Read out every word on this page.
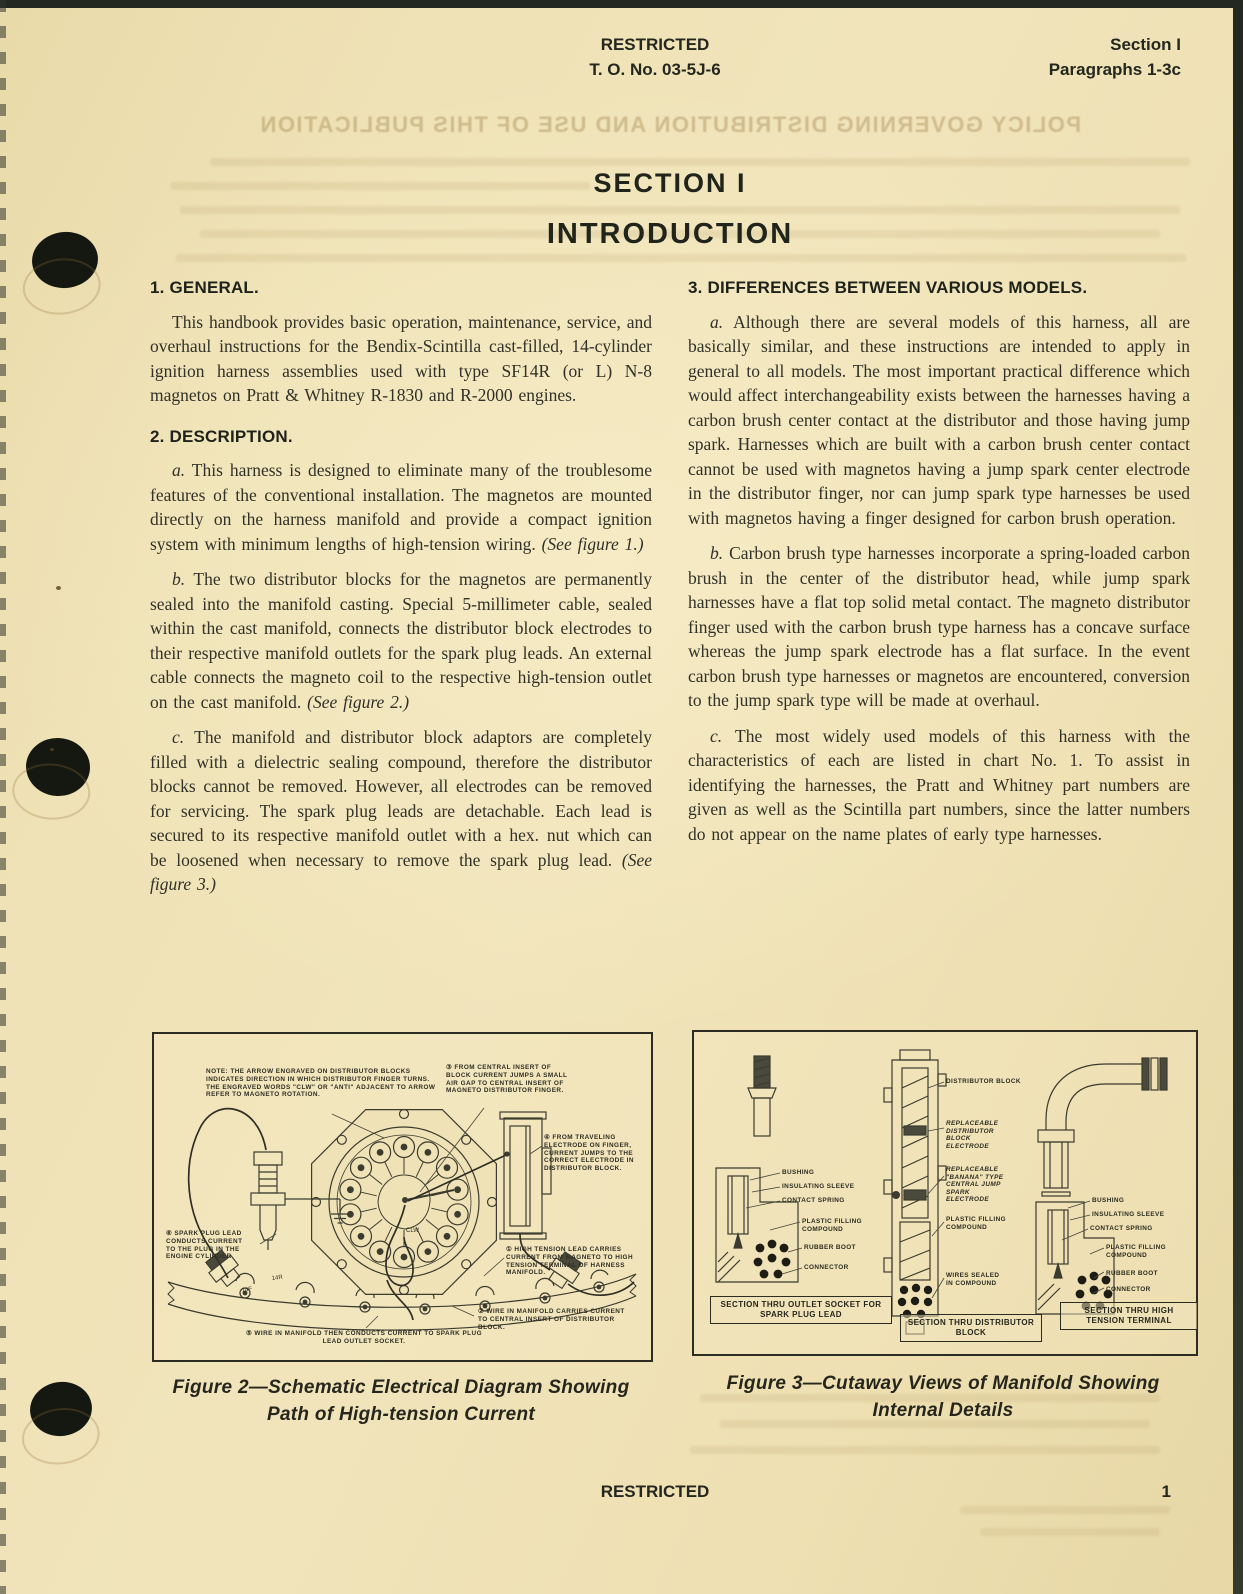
POLICY GOVERNING DISTRIBUTION AND USE OF THIS PUBLICATION
RESTRICTED
T. O. No. 03-5J-6
Section I
Paragraphs 1-3c
SECTION I
INTRODUCTION
1. GENERAL.

This handbook provides basic operation, maintenance, service, and overhaul instructions for the Bendix-Scintilla cast-filled, 14-cylinder ignition harness assemblies used with type SF14R (or L) N-8 magnetos on Pratt & Whitney R-1830 and R-2000 engines.

2. DESCRIPTION.

a. This harness is designed to eliminate many of the troublesome features of the conventional installation. The magnetos are mounted directly on the harness manifold and provide a compact ignition system with minimum lengths of high-tension wiring. (See figure 1.)

b. The two distributor blocks for the magnetos are permanently sealed into the manifold casting. Special 5-millimeter cable, sealed within the cast manifold, connects the distributor block electrodes to their respective manifold outlets for the spark plug leads. An external cable connects the magneto coil to the respective high-tension outlet on the cast manifold. (See figure 2.)

c. The manifold and distributor block adaptors are completely filled with a dielectric sealing compound, therefore the distributor blocks cannot be removed. However, all electrodes can be removed for servicing. The spark plug leads are detachable. Each lead is secured to its respective manifold outlet with a hex. nut which can be loosened when necessary to remove the spark plug lead. (See figure 3.)

3. DIFFERENCES BETWEEN VARIOUS MODELS.

a. Although there are several models of this harness, all are basically similar, and these instructions are intended to apply in general to all models. The most important practical difference which would affect interchangeability exists between the harnesses having a carbon brush center contact at the distributor and those having jump spark. Harnesses which are built with a carbon brush center contact cannot be used with magnetos having a jump spark center electrode in the distributor finger, nor can jump spark type harnesses be used with magnetos having a finger designed for carbon brush operation.

b. Carbon brush type harnesses incorporate a spring-loaded carbon brush in the center of the distributor head, while jump spark harnesses have a flat top solid metal contact. The magneto distributor finger used with the carbon brush type harness has a concave surface whereas the jump spark electrode has a flat surface. In the event carbon brush type harnesses or magnetos are encountered, conversion to the jump spark type will be made at overhaul.

c. The most widely used models of this harness with the characteristics of each are listed in chart No. 1. To assist in identifying the harnesses, the Pratt and Whitney part numbers are given as well as the Scintilla part numbers, since the latter numbers do not appear on the name plates of early type harnesses.

14R
14F
CLW
NOTE: THE ARROW ENGRAVED ON DISTRIBUTOR BLOCKS INDICATES DIRECTION IN WHICH DISTRIBUTOR FINGER TURNS. THE ENGRAVED WORDS "CLW" OR "ANTI" ADJACENT TO ARROW REFER TO MAGNETO ROTATION.
③ FROM CENTRAL INSERT OF BLOCK CURRENT JUMPS A SMALL AIR GAP TO CENTRAL INSERT OF MAGNETO DISTRIBUTOR FINGER.
④ FROM TRAVELING ELECTRODE ON FINGER, CURRENT JUMPS TO THE CORRECT ELECTRODE IN DISTRIBUTOR BLOCK.
⑥ SPARK PLUG LEAD CONDUCTS CURRENT TO THE PLUG IN THE ENGINE CYLINDER.
① HIGH TENSION LEAD CARRIES CURRENT FROM MAGNETO TO HIGH TENSION TERMINAL OF HARNESS MANIFOLD.
② WIRE IN MANIFOLD CARRIES CURRENT TO CENTRAL INSERT OF DISTRIBUTOR BLOCK.
⑤ WIRE IN MANIFOLD THEN CONDUCTS CURRENT TO SPARK PLUG LEAD OUTLET SOCKET.
Figure 2—Schematic Electrical Diagram Showing
Path of High-tension Current
BUSHING
INSULATING SLEEVE
CONTACT SPRING
PLASTIC FILLING COMPOUND
RUBBER BOOT
CONNECTOR
DISTRIBUTOR BLOCK
REPLACEABLE DISTRIBUTOR BLOCK ELECTRODE
REPLACEABLE "BANANA" TYPE CENTRAL JUMP SPARK ELECTRODE
PLASTIC FILLING COMPOUND
WIRES SEALED IN COMPOUND
BUSHING
INSULATING SLEEVE
CONTACT SPRING
PLASTIC FILLING COMPOUND
RUBBER BOOT
CONNECTOR
SECTION THRU OUTLET SOCKET FOR SPARK PLUG LEAD
SECTION THRU DISTRIBUTOR BLOCK
SECTION THRU HIGH TENSION TERMINAL
Figure 3—Cutaway Views of Manifold Showing
Internal Details
RESTRICTED	1
